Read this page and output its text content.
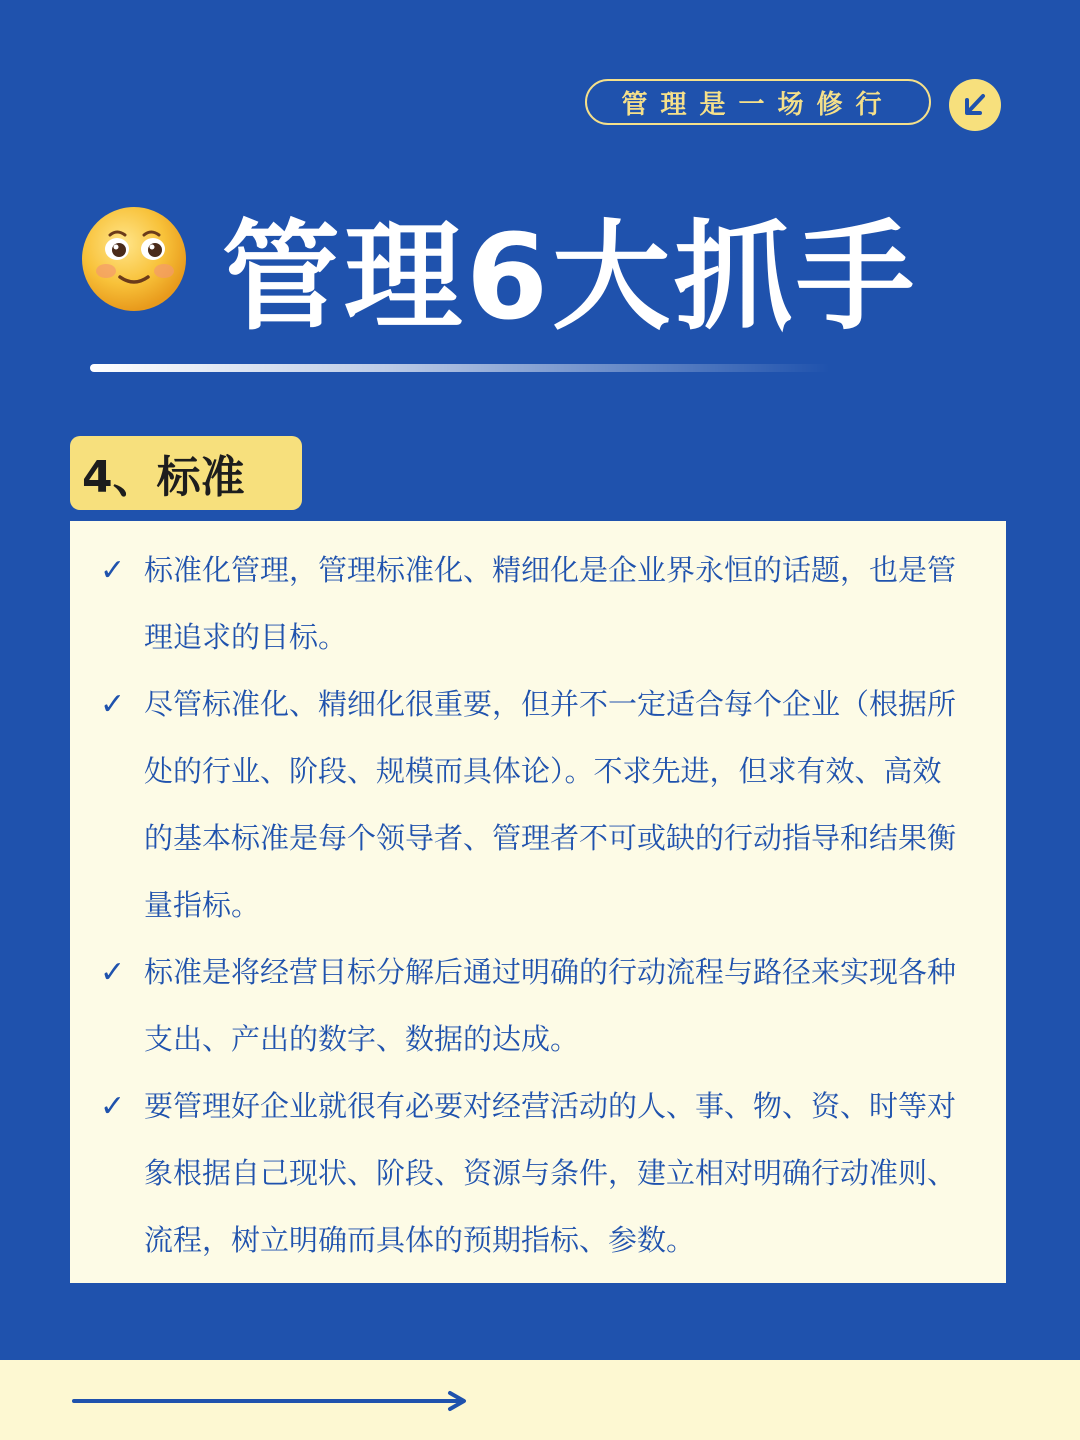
管理是一场修行
管理6大抓手
4、标准
✓ 标准化管理，管理标准化、精细化是企业界永恒的话题，也是管理追求的目标。
✓ 尽管标准化、精细化很重要，但并不一定适合每个企业（根据所处的行业、阶段、规模而具体论）。不求先进，但求有效、高效的基本标准是每个领导者、管理者不可或缺的行动指导和结果衡量指标。
✓ 标准是将经营目标分解后通过明确的行动流程与路径来实现各种支出、产出的数字、数据的达成。
✓ 要管理好企业就很有必要对经营活动的人、事、物、资、时等对象根据自己现状、阶段、资源与条件，建立相对明确行动准则、流程，树立明确而具体的预期指标、参数。
